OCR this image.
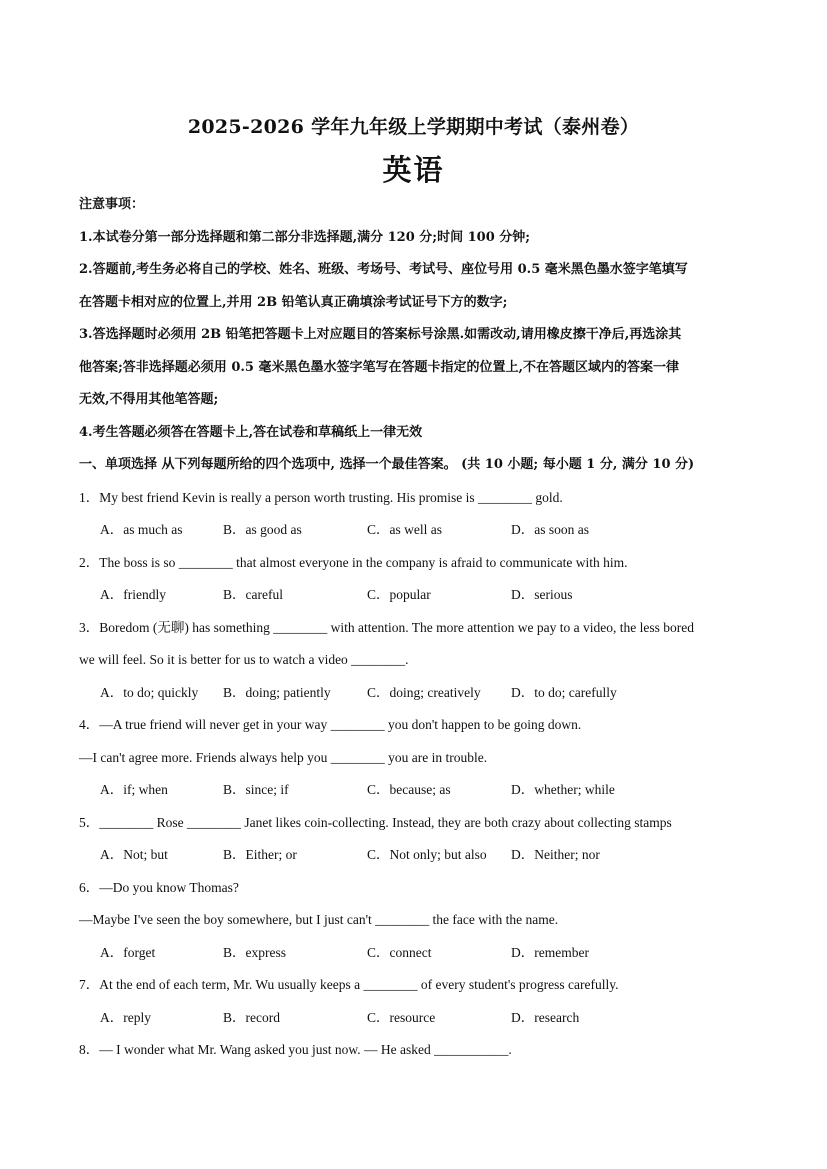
2025-2026 学年九年级上学期期中考试（泰州卷）
英语
注意事项：
1.本试卷分第一部分选择题和第二部分非选择题,满分 120 分;时间 100 分钟;
2.答题前,考生务必将自己的学校、姓名、班级、考场号、考试号、座位号用 0.5 毫米黑色墨水签字笔填写
在答题卡相对应的位置上,并用 2B 铅笔认真正确填涂考试证号下方的数字;
3.答选择题时必须用 2B 铅笔把答题卡上对应题目的答案标号涂黑.如需改动,请用橡皮擦干净后,再选涂其
他答案;答非选择题必须用 0.5 毫米黑色墨水签字笔写在答题卡指定的位置上,不在答题区域内的答案一律
无效,不得用其他笔答题;
4.考生答题必须答在答题卡上,答在试卷和草稿纸上一律无效
一、单项选择 从下列每题所给的四个选项中, 选择一个最佳答案。 (共 10 小题; 每小题 1 分, 满分 10 分)
1．My best friend Kevin is really a person worth trusting. His promise is ________ gold.
A．as much as	B．as good as	C．as well as	D．as soon as
2．The boss is so ________ that almost everyone in the company is afraid to communicate with him.
A．friendly	B．careful	C．popular	D．serious
3．Boredom (无聊) has something ________ with attention. The more attention we pay to a video, the less bored
we will feel. So it is better for us to watch a video ________.
A．to do; quickly B．doing; patiently	C．doing; creatively D．to do; carefully
4．—A true friend will never get in your way ________ you don't happen to be going down.
—I can't agree more. Friends always help you ________ you are in trouble.
A．if; when	B．since; if	C．because; as	D．whether; while
5．________ Rose ________ Janet likes coin-collecting. Instead, they are both crazy about collecting stamps
A．Not; but	B．Either; or	C．Not only; but also D．Neither; nor
6．—Do you know Thomas?
—Maybe I've seen the boy somewhere, but I just can't ________ the face with the name.
A．forget	B．express	C．connect	D．remember
7．At the end of each term, Mr. Wu usually keeps a ________ of every student's progress carefully.
A．reply	B．record	C．resource	D．research
8．— I wonder what Mr. Wang asked you just now. — He asked ___________.
